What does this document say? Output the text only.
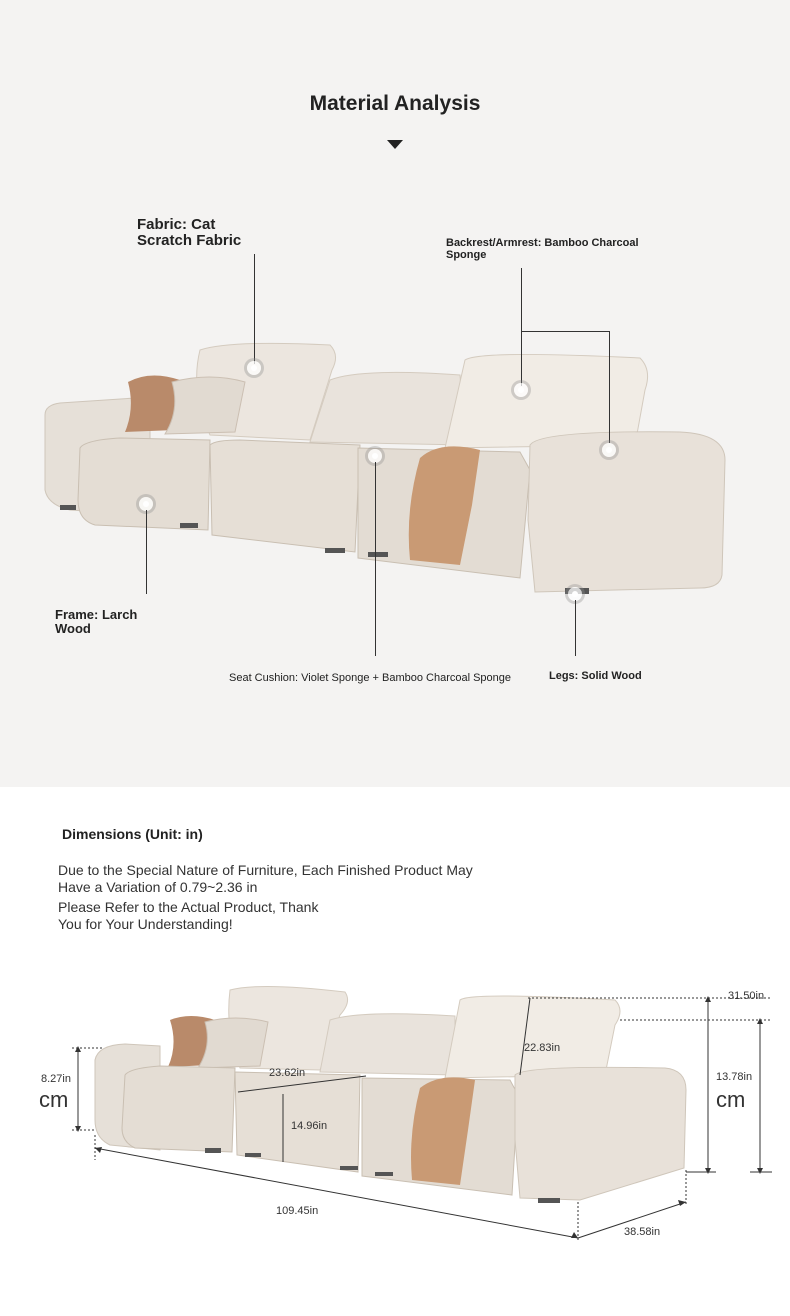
Material Analysis
Fabric: Cat
Scratch Fabric	Backrest/Armrest: Bamboo Charcoal
Sponge
Frame: Larch
Wood
Seat Cushion: Violet Sponge + Bamboo Charcoal Sponge	Legs: Solid Wood
Dimensions (Unit: in)
Due to the Special Nature of Furniture, Each Finished Product May
Have a Variation of 0.79~2.36 in
Please Refer to the Actual Product, Thank
You for Your Understanding!
31.50in
22.83in
8.27in
cm
23.62in	13.78in
cm
14.96in
109.45in
38.58in
